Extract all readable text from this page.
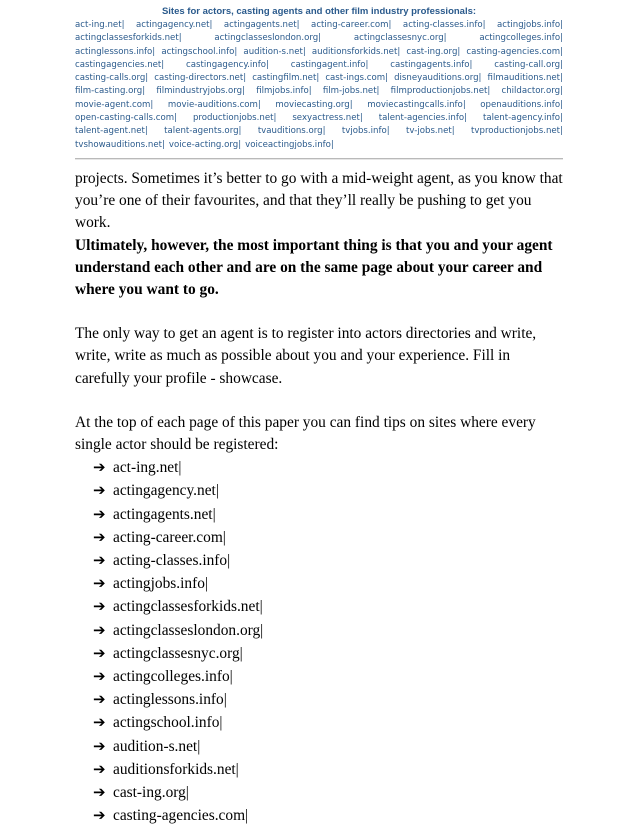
Sites for actors, casting agents and other film industry professionals:
act-ing.net| actingagency.net| actingagents.net| acting-career.com| acting-classes.info| actingjobs.info|
actingclassesforkids.net|	actingclasseslondon.org|	actingclassesnyc.org|	actingcolleges.info|
actinglessons.info| actingschool.info| audition-s.net| auditionsforkids.net| cast-ing.org| casting-agencies.com|
castingagencies.net|	castingagency.info|	castingagent.info|	castingagents.info|	casting-call.org|
casting-calls.org| casting-directors.net| castingfilm.net| cast-ings.com| disneyauditions.org| filmauditions.net|
film-casting.org| filmindustryjobs.org| filmjobs.info| film-jobs.net| filmproductionjobs.net| childactor.org|
movie-agent.com| movie-auditions.com| moviecasting.org| moviecastingcalls.info| openauditions.info|
open-casting-calls.com| productionjobs.net| sexyactress.net| talent-agencies.info| talent-agency.info|
talent-agent.net| talent-agents.org| tvauditions.org| tvjobs.info| tv-jobs.net| tvproductionjobs.net|
tvshowauditions.net| voice-acting.org| voiceactingjobs.info|

projects. Sometimes it’s better to go with a mid-weight agent, as you know that you’re one of their favourites, and that they’ll really be pushing to get you work.

Ultimately, however, the most important thing is that you and your agent understand each other and are on the same page about your career and where you want to go.

The only way to get an agent is to register into actors directories and write, write, write as much as possible about you and your experience. Fill in carefully your profile - showcase.

At the top of each page of this paper you can find tips on sites where every single actor should be registered:

➔ act-ing.net|
➔ actingagency.net|
➔ actingagents.net|
➔ acting-career.com|
➔ acting-classes.info|
➔ actingjobs.info|
➔ actingclassesforkids.net|
➔ actingclasseslondon.org|
➔ actingclassesnyc.org|
➔ actingcolleges.info|
➔ actinglessons.info|
➔ actingschool.info|
➔ audition-s.net|
➔ auditionsforkids.net|
➔ cast-ing.org|
➔ casting-agencies.com|
